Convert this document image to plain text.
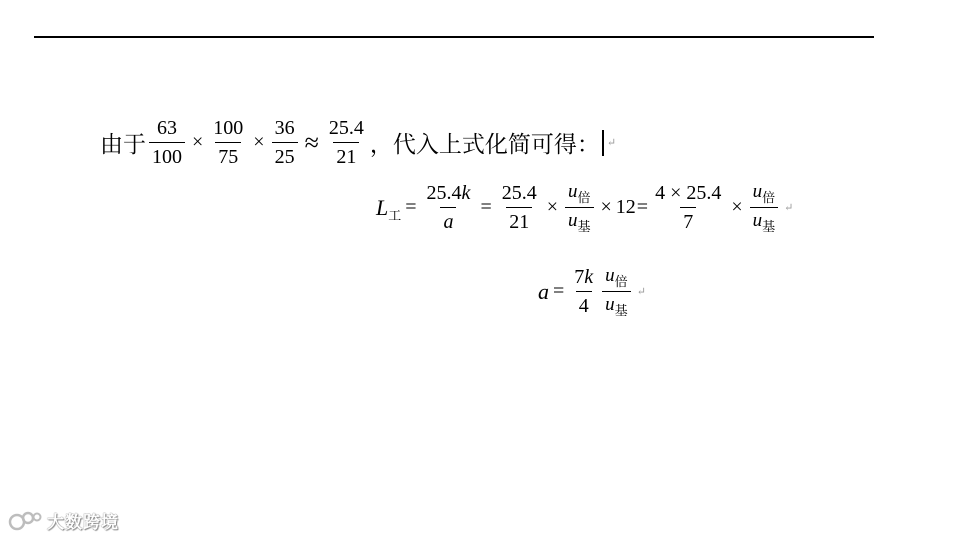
由于 $\frac{63}{100} \times \frac{100}{75} \times \frac{36}{25} \approx \frac{25.4}{21}$ ，代入上式化简可得： ↵
$L_工 = \frac{25.4k}{a} = \frac{25.4}{21} \times \frac{u_倍}{u_基} \times 12 = \frac{4 \times 25.4}{7} \times \frac{u_倍}{u_基}$ ↵
$a = \frac{7k}{4} \frac{u_倍}{u_基}$ ↵
大数跨境
